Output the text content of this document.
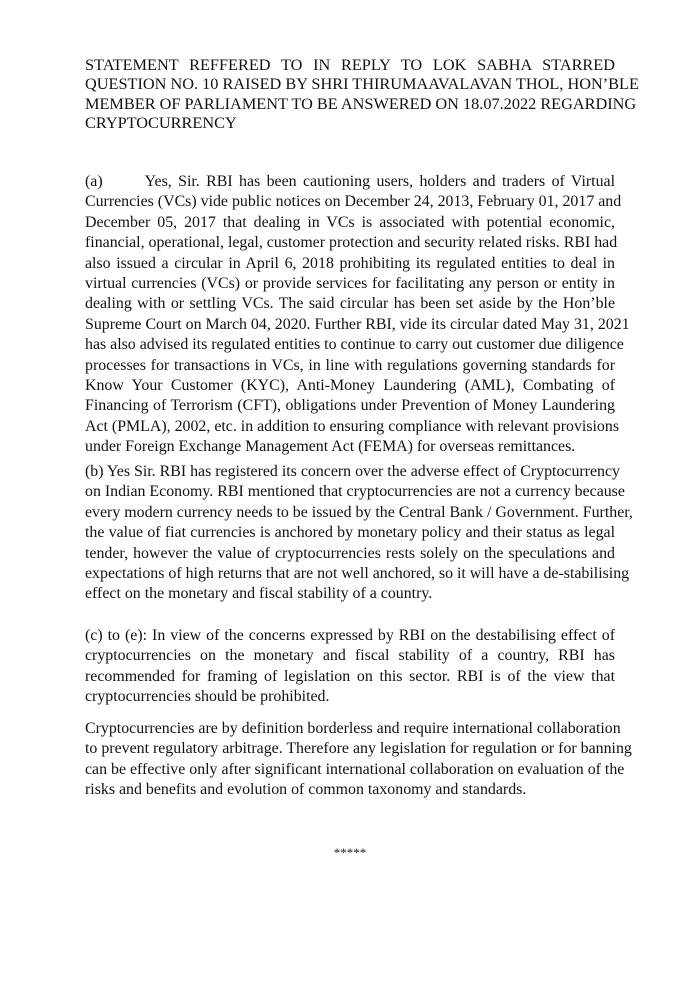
STATEMENT REFFERED TO IN REPLY TO LOK SABHA STARRED
QUESTION NO. 10 RAISED BY SHRI THIRUMAAVALAVAN THOL, HON’BLE
MEMBER OF PARLIAMENT TO BE ANSWERED ON 18.07.2022 REGARDING
CRYPTOCURRENCY
(a)	Yes, Sir. RBI has been cautioning users, holders and traders of Virtual
Currencies (VCs) vide public notices on December 24, 2013, February 01, 2017 and
December 05, 2017 that dealing in VCs is associated with potential economic,
financial, operational, legal, customer protection and security related risks. RBI had
also issued a circular in April 6, 2018 prohibiting its regulated entities to deal in
virtual currencies (VCs) or provide services for facilitating any person or entity in
dealing with or settling VCs. The said circular has been set aside by the Hon’ble
Supreme Court on March 04, 2020. Further RBI, vide its circular dated May 31, 2021
has also advised its regulated entities to continue to carry out customer due diligence
processes for transactions in VCs, in line with regulations governing standards for
Know Your Customer (KYC), Anti-Money Laundering (AML), Combating of
Financing of Terrorism (CFT), obligations under Prevention of Money Laundering
Act (PMLA), 2002, etc. in addition to ensuring compliance with relevant provisions
under Foreign Exchange Management Act (FEMA) for overseas remittances.
(b) Yes Sir. RBI has registered its concern over the adverse effect of Cryptocurrency
on Indian Economy. RBI mentioned that cryptocurrencies are not a currency because
every modern currency needs to be issued by the Central Bank / Government. Further,
the value of fiat currencies is anchored by monetary policy and their status as legal
tender, however the value of cryptocurrencies rests solely on the speculations and
expectations of high returns that are not well anchored, so it will have a de-stabilising
effect on the monetary and fiscal stability of a country.
(c) to (e): In view of the concerns expressed by RBI on the destabilising effect of
cryptocurrencies on the monetary and fiscal stability of a country, RBI has
recommended for framing of legislation on this sector. RBI is of the view that
cryptocurrencies should be prohibited.
Cryptocurrencies are by definition borderless and require international collaboration
to prevent regulatory arbitrage. Therefore any legislation for regulation or for banning
can be effective only after significant international collaboration on evaluation of the
risks and benefits and evolution of common taxonomy and standards.
*****
